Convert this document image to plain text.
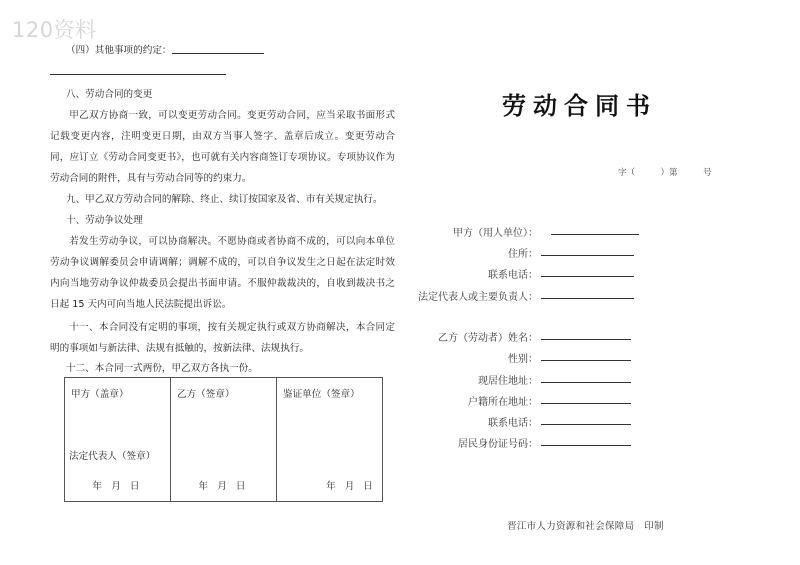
120资料
（四）其他事项的约定：
八、劳动合同的变更
甲乙双方协商一致，可以变更劳动合同。变更劳动合同，应当采取书面形式记载变更内容，注明变更日期，由双方当事人签字、盖章后成立。变更劳动合同，应订立《劳动合同变更书》，也可就有关内容商签订专项协议。专项协议作为劳动合同的附件，具有与劳动合同等的约束力。
九、甲乙双方劳动合同的解除、终止、续订按国家及省、市有关规定执行。
十、劳动争议处理
若发生劳动争议，可以协商解决。不愿协商或者协商不成的，可以向本单位劳动争议调解委员会申请调解；调解不成的，可以自争议发生之日起在法定时效内向当地劳动争议仲裁委员会提出书面申请。不服仲裁裁决的，自收到裁决书之日起 15 天内可向当地人民法院提出诉讼。
十一、本合同没有定明的事项，按有关规定执行或双方协商解决，本合同定明的事项如与新法律、法规有抵触的，按新法律、法规执行。
十二、本合同一式两份，甲乙双方各执一份。
甲方（盖章）
法定代表人（签章）
年 月 日

乙方（签章）
年 月 日

鉴证单位（签章）
年 月 日
劳动合同书
字（　　　）第　　　号
甲方（用人单位）：
住所：
联系电话：
法定代表人或主要负责人：
乙方（劳动者）姓名：
性别：
现居住地址：
户籍所在地址：
联系电话：
居民身份证号码：
晋江市人力资源和社会保障局　印制
